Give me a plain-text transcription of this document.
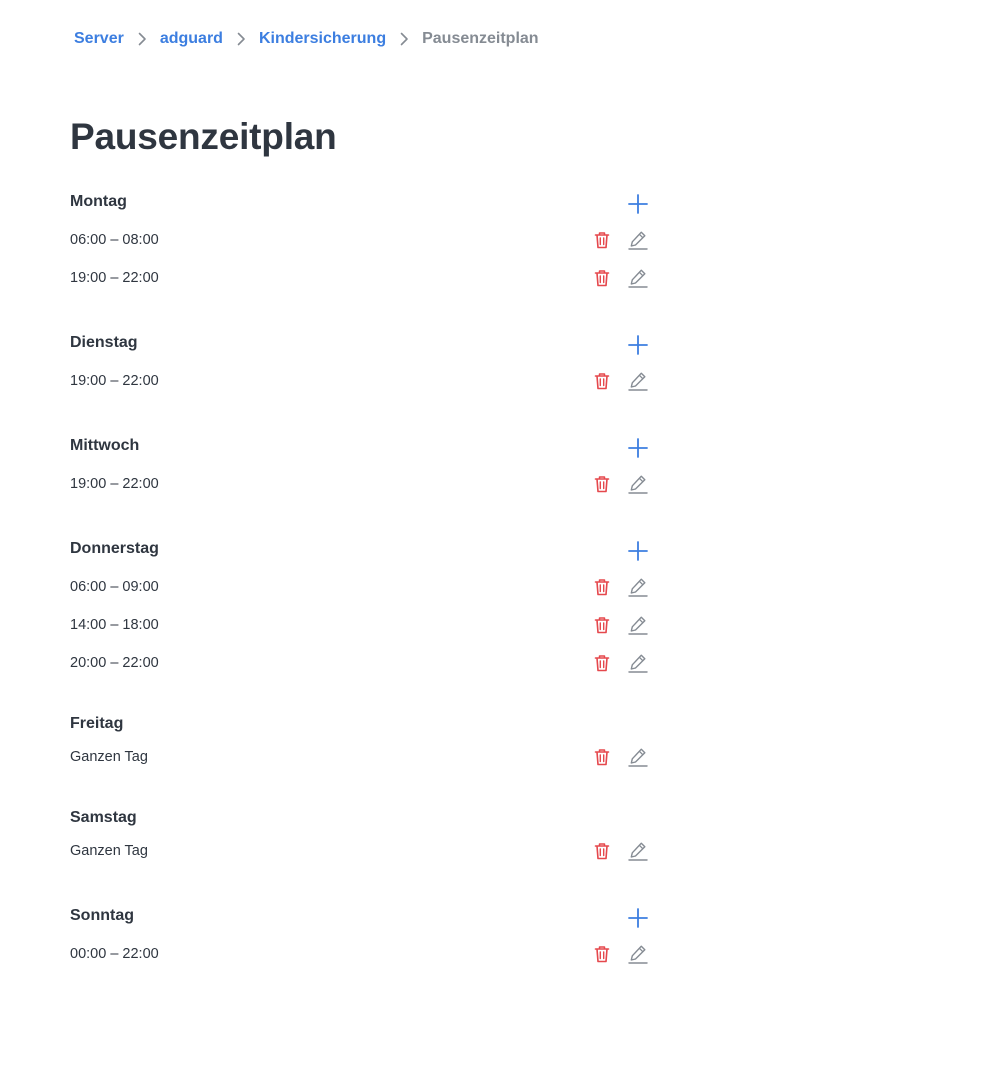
Server adguard Kindersicherung Pausenzeitplan
Pausenzeitplan
Montag
06:00 – 08:00
19:00 – 22:00
Dienstag
19:00 – 22:00
Mittwoch
19:00 – 22:00
Donnerstag
06:00 – 09:00
14:00 – 18:00
20:00 – 22:00
Freitag
Ganzen Tag
Samstag
Ganzen Tag
Sonntag
00:00 – 22:00
